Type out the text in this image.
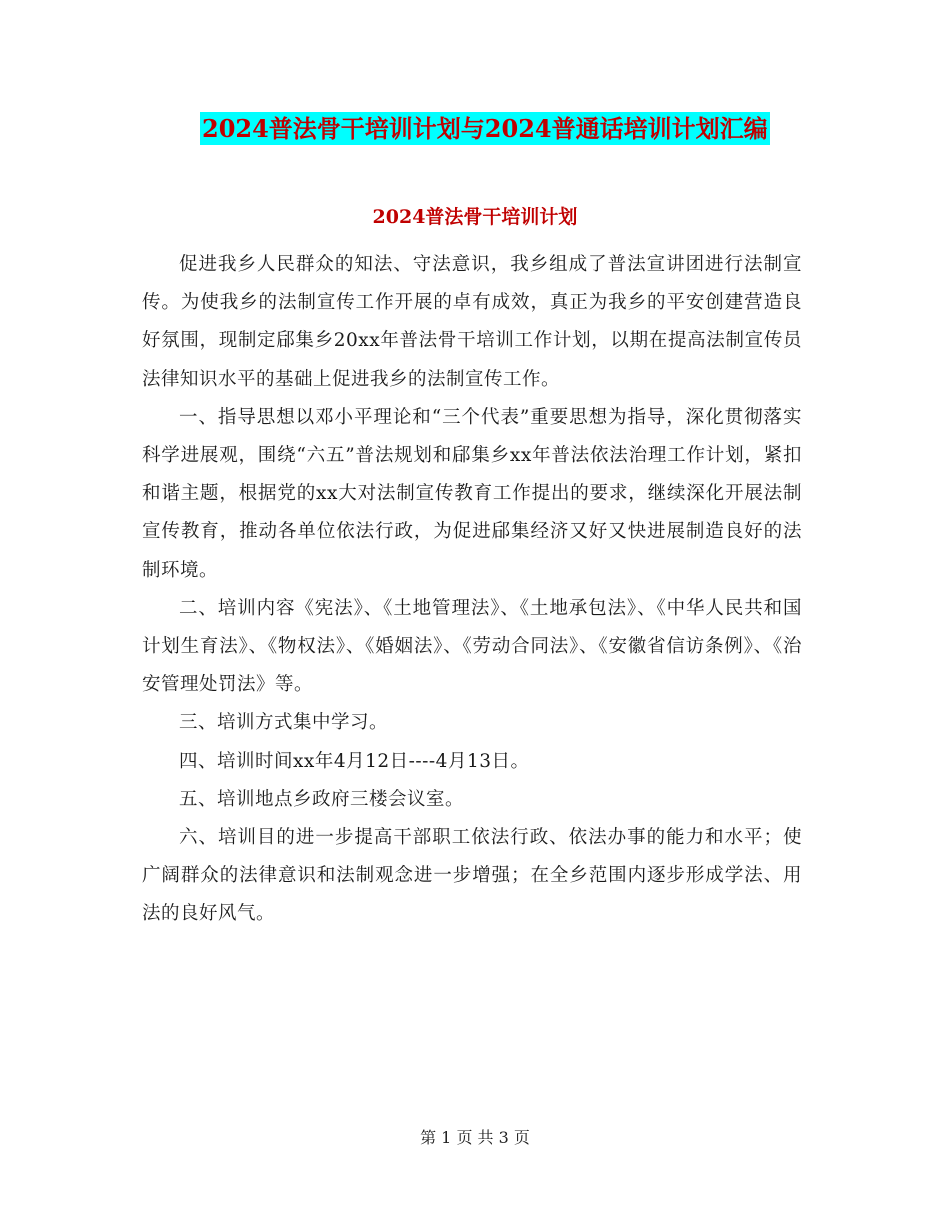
2024普法骨干培训计划与2024普通话培训计划汇编
2024普法骨干培训计划

促进我乡人民群众的知法、守法意识，我乡组成了普法宣讲团进行法制宣传。为使我乡的法制宣传工作开展的卓有成效，真正为我乡的平安创建营造良好氛围，现制定郈集乡20xx年普法骨干培训工作计划，以期在提高法制宣传员法律知识水平的基础上促进我乡的法制宣传工作。

一、指导思想以邓小平理论和“三个代表”重要思想为指导，深化贯彻落实科学进展观，围绕“六五”普法规划和郈集乡xx年普法依法治理工作计划，紧扣和谐主题，根据党的xx大对法制宣传教育工作提出的要求，继续深化开展法制宣传教育，推动各单位依法行政，为促进郈集经济又好又快进展制造良好的法制环境。

二、培训内容《宪法》、《土地管理法》、《土地承包法》、《中华人民共和国计划生育法》、《物权法》、《婚姻法》、《劳动合同法》、《安徽省信访条例》、《治安管理处罚法》等。

三、培训方式集中学习。

四、培训时间xx年4月12日----4月13日。

五、培训地点乡政府三楼会议室。

六、培训目的进一步提高干部职工依法行政、依法办事的能力和水平；使广阔群众的法律意识和法制观念进一步增强；在全乡范围内逐步形成学法、用法的良好风气。

第 1 页 共 3 页
